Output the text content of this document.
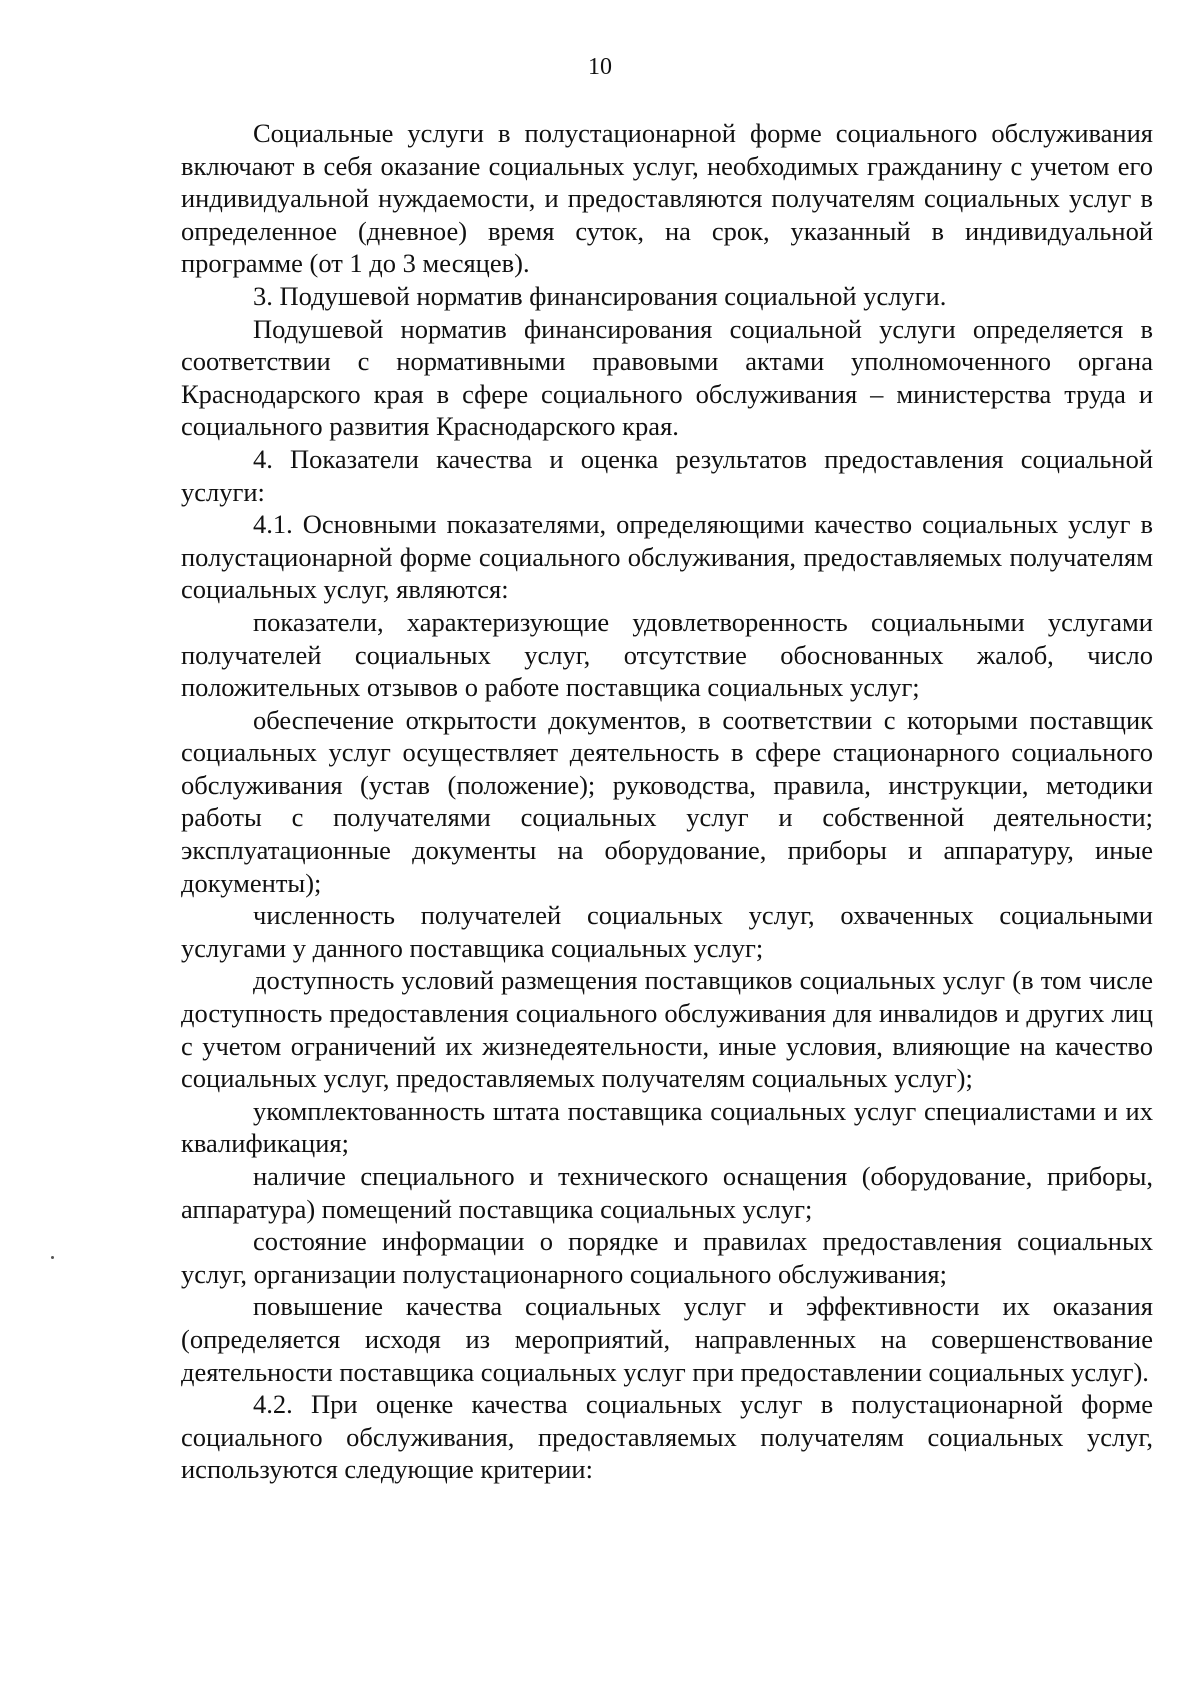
10

Социальные услуги в полустационарной форме социального обслуживания включают в себя оказание социальных услуг, необходимых гражданину с учетом его индивидуальной нуждаемости, и предоставляются получателям социальных услуг в определенное (дневное) время суток, на срок, указанный в индивидуальной программе (от 1 до 3 месяцев).

3. Подушевой норматив финансирования социальной услуги.

Подушевой норматив финансирования социальной услуги определяется в соответствии с нормативными правовыми актами уполномоченного органа Краснодарского края в сфере социального обслуживания – министерства труда и социального развития Краснодарского края.

4. Показатели качества и оценка результатов предоставления социальной услуги:

4.1. Основными показателями, определяющими качество социальных услуг в полустационарной форме социального обслуживания, предоставляемых получателям социальных услуг, являются:

показатели, характеризующие удовлетворенность социальными услугами получателей социальных услуг, отсутствие обоснованных жалоб, число положительных отзывов о работе поставщика социальных услуг;

обеспечение открытости документов, в соответствии с которыми поставщик социальных услуг осуществляет деятельность в сфере стационарного социального обслуживания (устав (положение); руководства, правила, инструкции, методики работы с получателями социальных услуг и собственной деятельности; эксплуатационные документы на оборудование, приборы и аппаратуру, иные документы);

численность получателей социальных услуг, охваченных социальными услугами у данного поставщика социальных услуг;

доступность условий размещения поставщиков социальных услуг (в том числе доступность предоставления социального обслуживания для инвалидов и других лиц с учетом ограничений их жизнедеятельности, иные условия, влияющие на качество социальных услуг, предоставляемых получателям социальных услуг);

укомплектованность штата поставщика социальных услуг специалистами и их квалификация;

наличие специального и технического оснащения (оборудование, приборы, аппаратура) помещений поставщика социальных услуг;

состояние информации о порядке и правилах предоставления социальных услуг, организации полустационарного социального обслуживания;

повышение качества социальных услуг и эффективности их оказания (определяется исходя из мероприятий, направленных на совершенствование деятельности поставщика социальных услуг при предоставлении социальных услуг).

4.2. При оценке качества социальных услуг в полустационарной форме социального обслуживания, предоставляемых получателям социальных услуг, используются следующие критерии:
